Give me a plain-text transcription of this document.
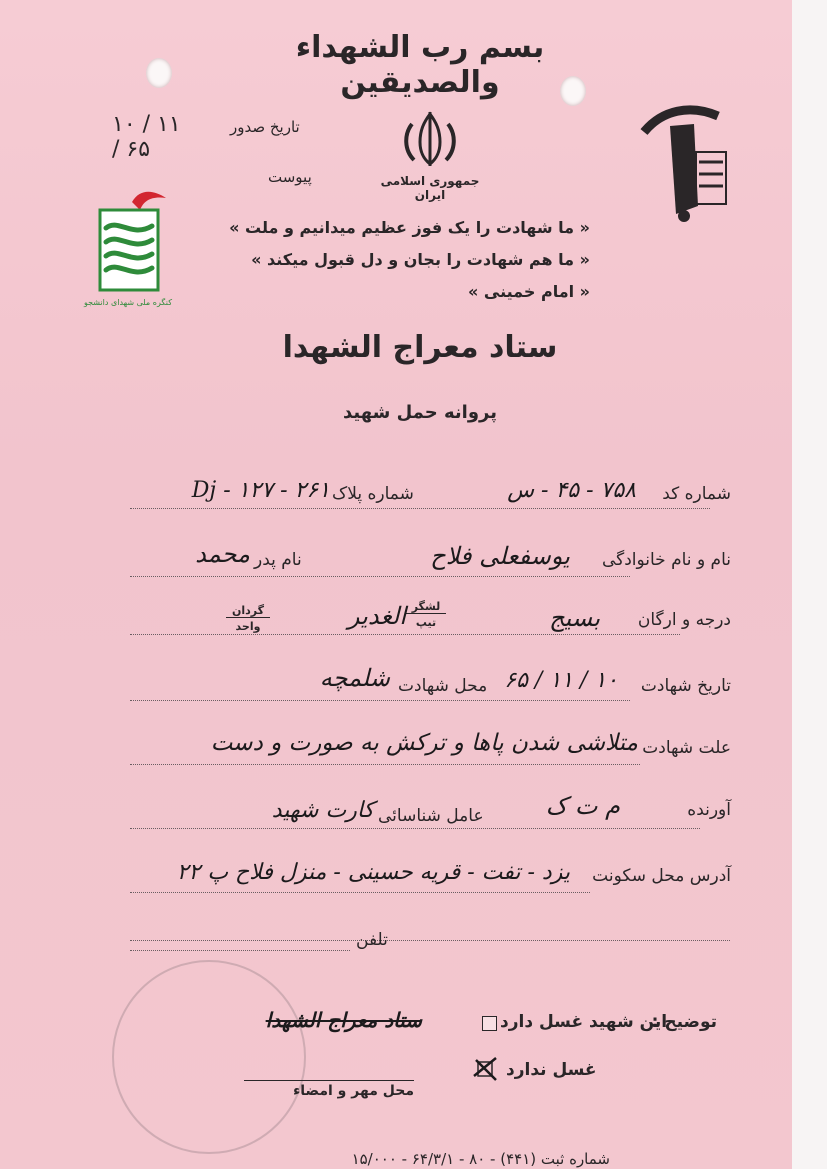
بسم رب الشهداء والصديقين
۱۰ / ۱۱ / ۶۵
تاریخ صدور
پیوست	جمهوری اسلامی ایران
« ما شهادت را یک فوز عظیم میدانیم و ملت »
« ما هم شهادت را بجان و دل قبول میکند »
« امام خمینی »
کنگره ملی شهدای دانشجو
ستاد معراج الشهدا
پروانه حمل شهید
شماره کد
۷۵۸ - ۴۵ - س
شماره پلاک
۲۶۱ - ۱۲۷ - Dj
نام و نام خانوادگی
یوسفعلی فلاح
نام پدر
محمد
درجه و ارگان
بسیج
لشگر
تیپ
الغدیر
گردان
واحد
تاریخ شهادت
۱۰ / ۱۱ / ۶۵
محل شهادت
شلمچه
علت شهادت
متلاشی شدن پاها و ترکش به صورت و دست
آورنده
م ت ک
عامل شناسائی
کارت شهید
آدرس محل سکونت
یزد - تفت - قریه حسینی - منزل فلاح پ ۲۲
تلفن
توضیح :
این شهید غسل دارد
غسل ندارد
ستاد معراج الشهدا
محل مهر و امضاء
شماره ثبت (۴۴۱) - ۸۰ - ۶۴/۳/۱ - ۱۵/۰۰۰
